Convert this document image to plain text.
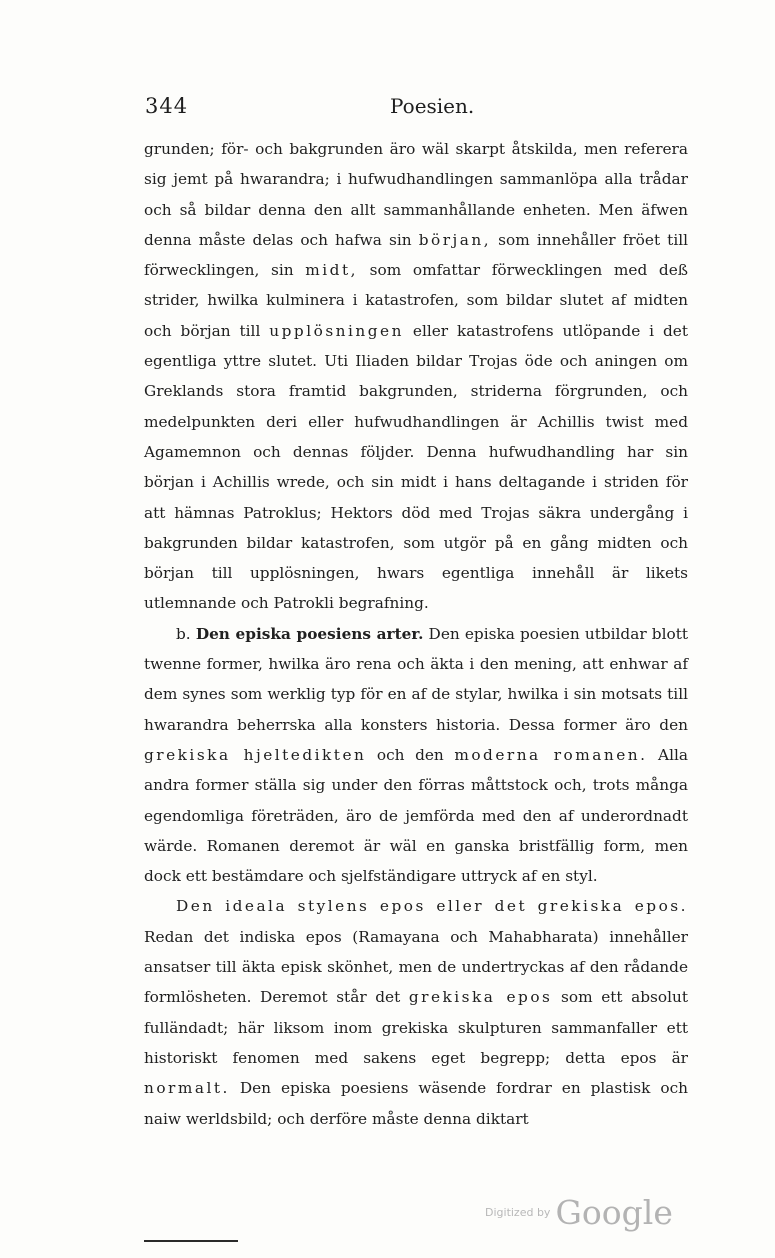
344	Poesien.

grunden; för- och bakgrunden äro wäl skarpt åtskilda, men referera sig jemt på hwarandra; i hufwudhandlingen sammanlöpa alla trådar och så bildar denna den allt sammanhållande enheten. Men äfwen denna måste delas och hafwa sin början, som innehåller fröet till förwecklingen, sin midt, som omfattar förwecklingen med deß strider, hwilka kulminera i katastrofen, som bildar slutet af midten och början till upplösningen eller katastrofens utlöpande i det egentliga yttre slutet. Uti Iliaden bildar Trojas öde och aningen om Greklands stora framtid bakgrunden, striderna förgrunden, och medelpunkten deri eller hufwudhandlingen är Achillis twist med Agamemnon och dennas följder. Denna hufwudhandling har sin början i Achillis wrede, och sin midt i hans deltagande i striden för att hämnas Patroklus; Hektors död med Trojas säkra undergång i bakgrunden bildar katastrofen, som utgör på en gång midten och början till upplösningen, hwars egentliga innehåll är likets utlemnande och Patrokli begrafning.

b. Den episka poesiens arter. Den episka poesien utbildar blott twenne former, hwilka äro rena och äkta i den mening, att enhwar af dem synes som werklig typ för en af de stylar, hwilka i sin motsats till hwarandra beherrska alla konsters historia. Dessa former äro den grekiska hjeltedikten och den moderna romanen. Alla andra former ställa sig under den förras måttstock och, trots många egendomliga företräden, äro de jemförda med den af underordnadt wärde. Romanen deremot är wäl en ganska bristfällig form, men dock ett bestämdare och sjelfständigare uttryck af en styl.

Den ideala stylens epos eller det grekiska epos. Redan det indiska epos (Ramayana och Mahabharata) innehåller ansatser till äkta episk skönhet, men de undertryckas af den rådande formlösheten. Deremot står det grekiska epos som ett absolut fulländadt; här liksom inom grekiska skulpturen sammanfaller ett historiskt fenomen med sakens eget begrepp; detta epos är normalt. Den episka poesiens wäsende fordrar en plastisk och naiw werldsbild; och derföre måste denna diktart

Digitized by Google
